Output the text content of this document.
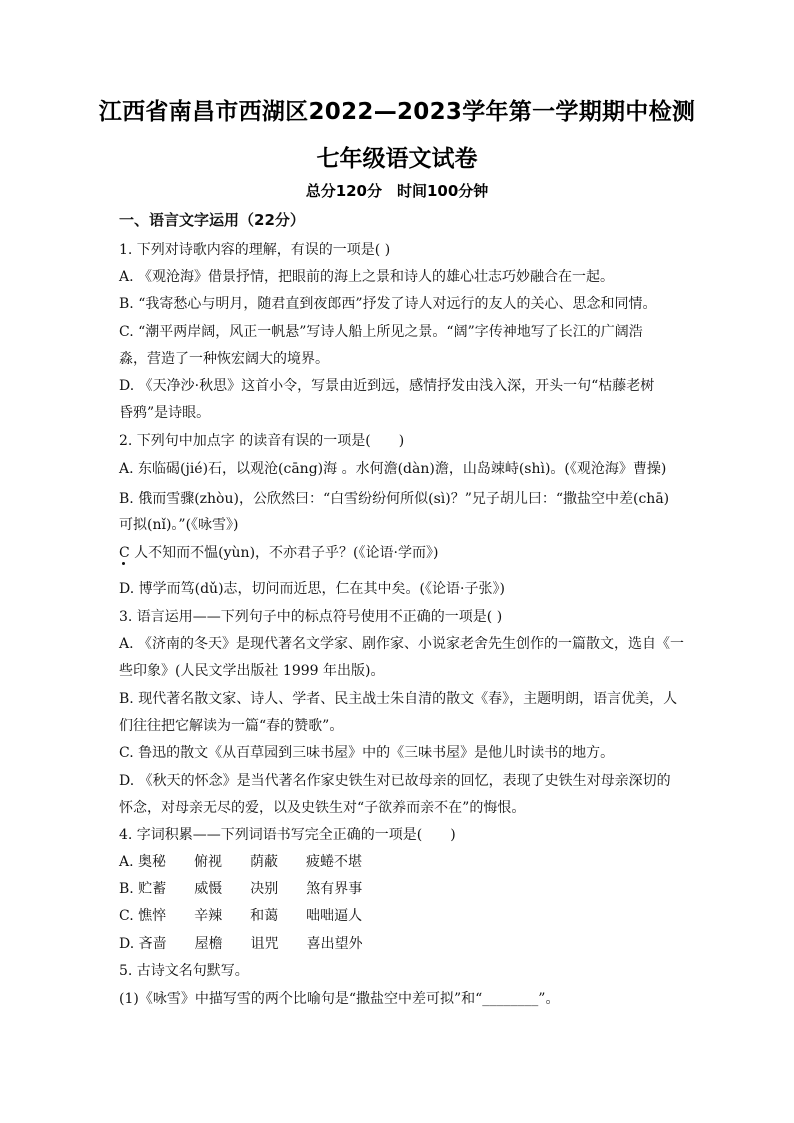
江西省南昌市西湖区2022—2023学年第一学期期中检测
七年级语文试卷
总分120分　时间100分钟
一、语言文字运用（22分）
1. 下列对诗歌内容的理解，有误的一项是( )
A. 《观沧海》借景抒情，把眼前的海上之景和诗人的雄心壮志巧妙融合在一起。
B. “我寄愁心与明月，随君直到夜郎西”抒发了诗人对远行的友人的关心、思念和同情。
C. “潮平两岸阔，风正一帆悬”写诗人船上所见之景。“阔”字传神地写了长江的广阔浩
淼，营造了一种恢宏阔大的境界。
D. 《天净沙·秋思》这首小令，写景由近到远，感情抒发由浅入深，开头一句“枯藤老树
昏鸦”是诗眼。
2. 下列句中加点字 的读音有误的一项是(　　)
A. 东临碣(jié)石，以观沧(cāng)海 。水何澹(dàn)澹，山岛竦峙(shì)。(《观沧海》曹操)
B. 俄而雪骤(zhòu)，公欣然曰：“白雪纷纷何所似(sì)？”兄子胡儿曰：“撒盐空中差(chā)
可拟(nǐ)。”(《咏雪》)
C 人不知而不愠(yùn)，不亦君子乎？(《论语·学而》)
D. 博学而笃(dǔ)志，切问而近思，仁在其中矣。(《论语·子张》)
3. 语言运用——下列句子中的标点符号使用不正确的一项是( )
A. 《济南的冬天》是现代著名文学家、剧作家、小说家老舍先生创作的一篇散文，选自《一
些印象》(人民文学出版社 1999 年出版)。
B. 现代著名散文家、诗人、学者、民主战士朱自清的散文《春》，主题明朗，语言优美，人
们往往把它解读为一篇“春的赞歌”。
C. 鲁迅的散文《从百草园到三味书屋》中的《三味书屋》是他儿时读书的地方。
D. 《秋天的怀念》是当代著名作家史铁生对已故母亲的回忆，表现了史铁生对母亲深切的
怀念，对母亲无尽的爱，以及史铁生对“子欲养而亲不在”的悔恨。
4. 字词积累——下列词语书写完全正确的一项是(　　)
A. 奥秘　　俯视　　荫蔽　　疲蜷不堪
B. 贮蓄　　威慑　　决别　　煞有界事
C. 憔悴　　辛辣　　和蔼　　咄咄逼人
D. 吝啬　　屋檐　　诅咒　　喜出望外
5. 古诗文名句默写。
(1)《咏雪》中描写雪的两个比喻句是“撒盐空中差可拟”和“________”。
